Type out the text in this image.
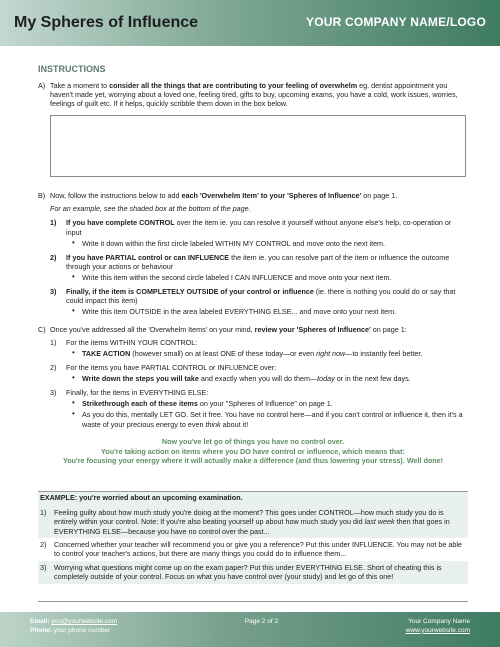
My Spheres of Influence	YOUR COMPANY NAME/LOGO
INSTRUCTIONS
A) Take a moment to consider all the things that are contributing to your feeling of overwhelm eg. dentist appointment you haven't made yet, worrying about a loved one, feeling tired, gifts to buy, upcoming exams, you have a cold, work issues, worries, feelings of guilt etc. If it helps, quickly scribble them down in the box below.
B) Now, follow the instructions below to add each 'Overwhelm Item' to your 'Spheres of Influence' on page 1.
For an example, see the shaded box at the bottom of the page.
1)	If you have complete CONTROL over the item ie. you can resolve it yourself without anyone else's help, co-operation or input
• Write it down within the first circle labeled WITHIN MY CONTROL and move onto the next item.
2)	If you have PARTIAL control or can INFLUENCE the item ie. you can resolve part of the item or influence the outcome through your actions or behaviour
• Write this item within the second circle labeled I CAN INFLUENCE and move onto your next item.
3)	Finally, if the item is COMPLETELY OUTSIDE of your control or influence (ie. there is nothing you could do or say that could impact this item)
• Write this item OUTSIDE in the area labeled EVERYTHING ELSE... and move onto your next item.
C) Once you've addressed all the 'Overwhelm Items' on your mind, review your 'Spheres of Influence' on page 1:
1)	For the items WITHIN YOUR CONTROL:
• TAKE ACTION (however small) on at least ONE of these today—or even right now—to instantly feel better.
2)	For the items you have PARTIAL CONTROL or INFLUENCE over:
• Write down the steps you will take and exactly when you will do them—today or in the next few days.
3)	Finally, for the items in EVERYTHING ELSE:
• Strikethrough each of these items on your "Spheres of Influence" on page 1.
• As you do this, mentally LET GO. Set it free. You have no control here—and if you can't control or influence it, then it's a waste of your precious energy to even think about it!
Now you've let go of things you have no control over.
You're taking action on items where you DO have control or influence, which means that:
You're focusing your energy where it will actually make a difference (and thus lowering your stress). Well done!
EXAMPLE: you're worried about an upcoming examination.
1)	Feeling guilty about how much study you're doing at the moment? This goes under CONTROL—how much study you do is entirely within your control. Note: If you're also beating yourself up about how much study you did last week then that goes in EVERYTHING ELSE—because you have no control over the past...
2)	Concerned whether your teacher will recommend you or give you a reference? Put this under INFLUENCE. You may not be able to control your teacher's actions, but there are many things you could do to influence them...
3)	Worrying what questions might come up on the exam paper? Put this under EVERYTHING ELSE. Short of cheating this is completely outside of your control. Focus on what you have control over (your study) and let go of this one!
Email: you@yourwebsite.com
Phone: your phone number
Page 2 of 2	Your Company Name
www.yourwebsite.com
